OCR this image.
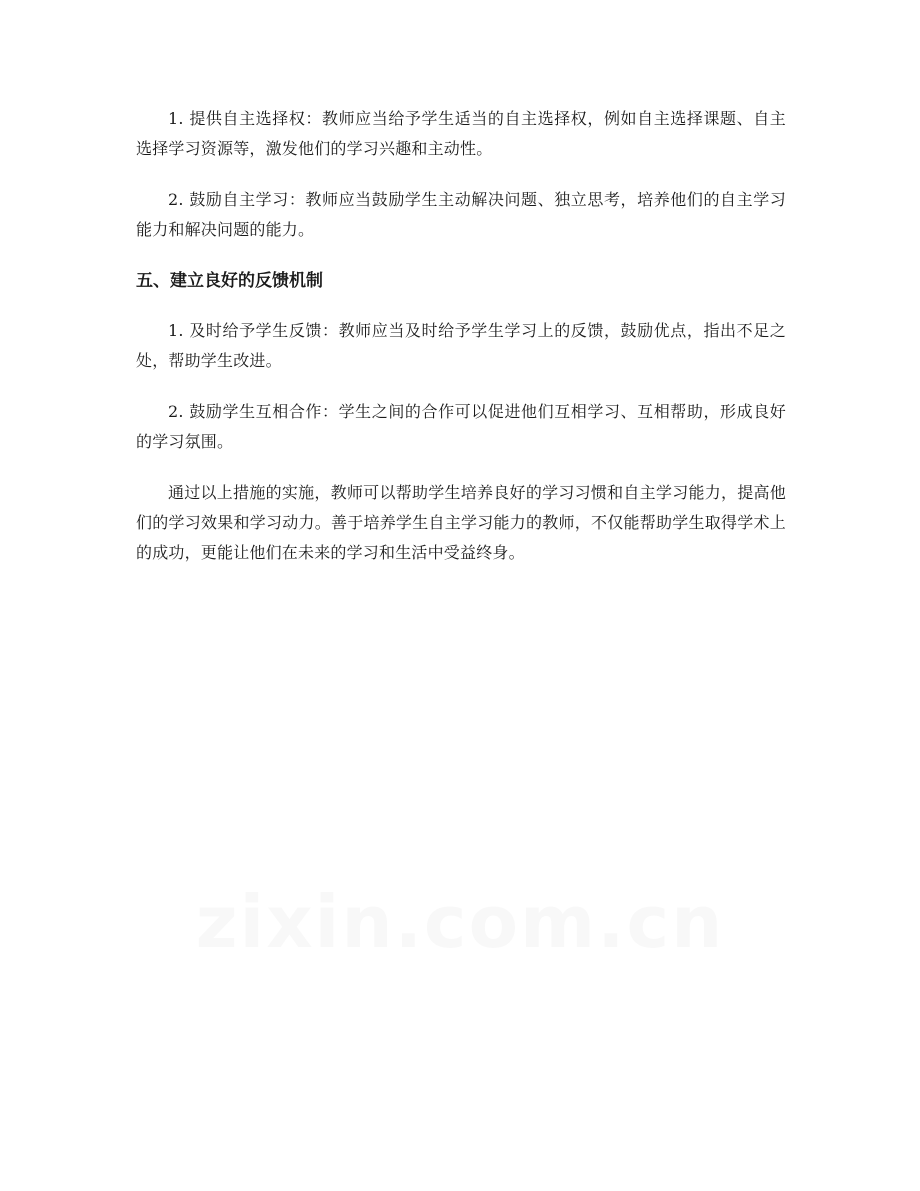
1. 提供自主选择权：教师应当给予学生适当的自主选择权，例如自主选择课题、自主选择学习资源等，激发他们的学习兴趣和主动性。

2. 鼓励自主学习：教师应当鼓励学生主动解决问题、独立思考，培养他们的自主学习能力和解决问题的能力。

五、建立良好的反馈机制

1. 及时给予学生反馈：教师应当及时给予学生学习上的反馈，鼓励优点，指出不足之处，帮助学生改进。

2. 鼓励学生互相合作：学生之间的合作可以促进他们互相学习、互相帮助，形成良好的学习氛围。

通过以上措施的实施，教师可以帮助学生培养良好的学习习惯和自主学习能力，提高他们的学习效果和学习动力。善于培养学生自主学习能力的教师，不仅能帮助学生取得学术上的成功，更能让他们在未来的学习和生活中受益终身。

zixin.com.cn
